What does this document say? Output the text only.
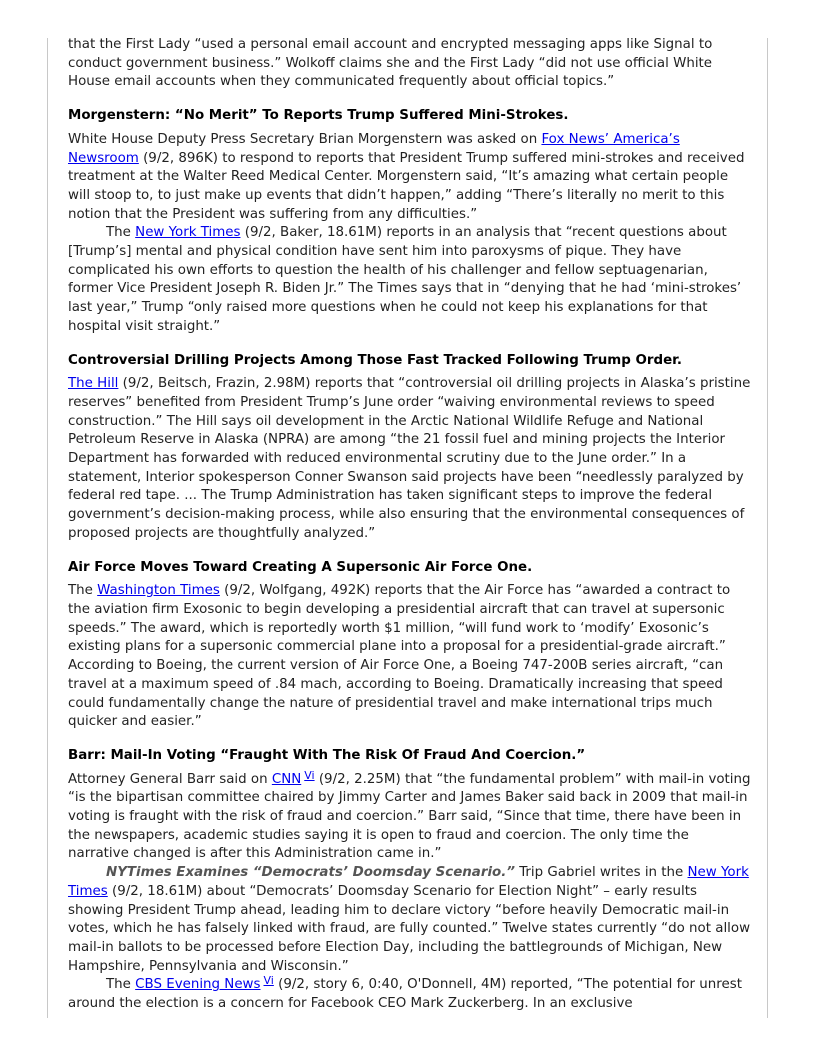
that the First Lady “used a personal email account and encrypted messaging apps like Signal to conduct government business.” Wolkoff claims she and the First Lady “did not use official White House email accounts when they communicated frequently about official topics.”

Morgenstern: “No Merit” To Reports Trump Suffered Mini-Strokes.

White House Deputy Press Secretary Brian Morgenstern was asked on Fox News’ America’s Newsroom (9/2, 896K) to respond to reports that President Trump suffered mini-strokes and received treatment at the Walter Reed Medical Center. Morgenstern said, “It’s amazing what certain people will stoop to, to just make up events that didn’t happen,” adding “There’s literally no merit to this notion that the President was suffering from any difficulties.”

The New York Times (9/2, Baker, 18.61M) reports in an analysis that “recent questions about [Trump’s] mental and physical condition have sent him into paroxysms of pique. They have complicated his own efforts to question the health of his challenger and fellow septuagenarian, former Vice President Joseph R. Biden Jr.” The Times says that in “denying that he had ‘mini-strokes’ last year,” Trump “only raised more questions when he could not keep his explanations for that hospital visit straight.”

Controversial Drilling Projects Among Those Fast Tracked Following Trump Order.

The Hill (9/2, Beitsch, Frazin, 2.98M) reports that “controversial oil drilling projects in Alaska’s pristine reserves” benefited from President Trump’s June order “waiving environmental reviews to speed construction.” The Hill says oil development in the Arctic National Wildlife Refuge and National Petroleum Reserve in Alaska (NPRA) are among “the 21 fossil fuel and mining projects the Interior Department has forwarded with reduced environmental scrutiny due to the June order.” In a statement, Interior spokesperson Conner Swanson said projects have been “needlessly paralyzed by federal red tape. ... The Trump Administration has taken significant steps to improve the federal government’s decision-making process, while also ensuring that the environmental consequences of proposed projects are thoughtfully analyzed.”

Air Force Moves Toward Creating A Supersonic Air Force One.

The Washington Times (9/2, Wolfgang, 492K) reports that the Air Force has “awarded a contract to the aviation firm Exosonic to begin developing a presidential aircraft that can travel at supersonic speeds.” The award, which is reportedly worth $1 million, “will fund work to ‘modify’ Exosonic’s existing plans for a supersonic commercial plane into a proposal for a presidential-grade aircraft.” According to Boeing, the current version of Air Force One, a Boeing 747-200B series aircraft, “can travel at a maximum speed of .84 mach, according to Boeing. Dramatically increasing that speed could fundamentally change the nature of presidential travel and make international trips much quicker and easier.”

Barr: Mail-In Voting “Fraught With The Risk Of Fraud And Coercion.”

Attorney General Barr said on CNN $^{Vi}$ (9/2, 2.25M) that “the fundamental problem” with mail-in voting “is the bipartisan committee chaired by Jimmy Carter and James Baker said back in 2009 that mail-in voting is fraught with the risk of fraud and coercion.” Barr said, “Since that time, there have been in the newspapers, academic studies saying it is open to fraud and coercion. The only time the narrative changed is after this Administration came in.”

NYTimes Examines “Democrats’ Doomsday Scenario.” Trip Gabriel writes in the New York Times (9/2, 18.61M) about “Democrats’ Doomsday Scenario for Election Night” – early results showing President Trump ahead, leading him to declare victory “before heavily Democratic mail-in votes, which he has falsely linked with fraud, are fully counted.” Twelve states currently “do not allow mail-in ballots to be processed before Election Day, including the battlegrounds of Michigan, New Hampshire, Pennsylvania and Wisconsin.”

The CBS Evening News $^{Vi}$ (9/2, story 6, 0:40, O'Donnell, 4M) reported, “The potential for unrest around the election is a concern for Facebook CEO Mark Zuckerberg. In an exclusive
